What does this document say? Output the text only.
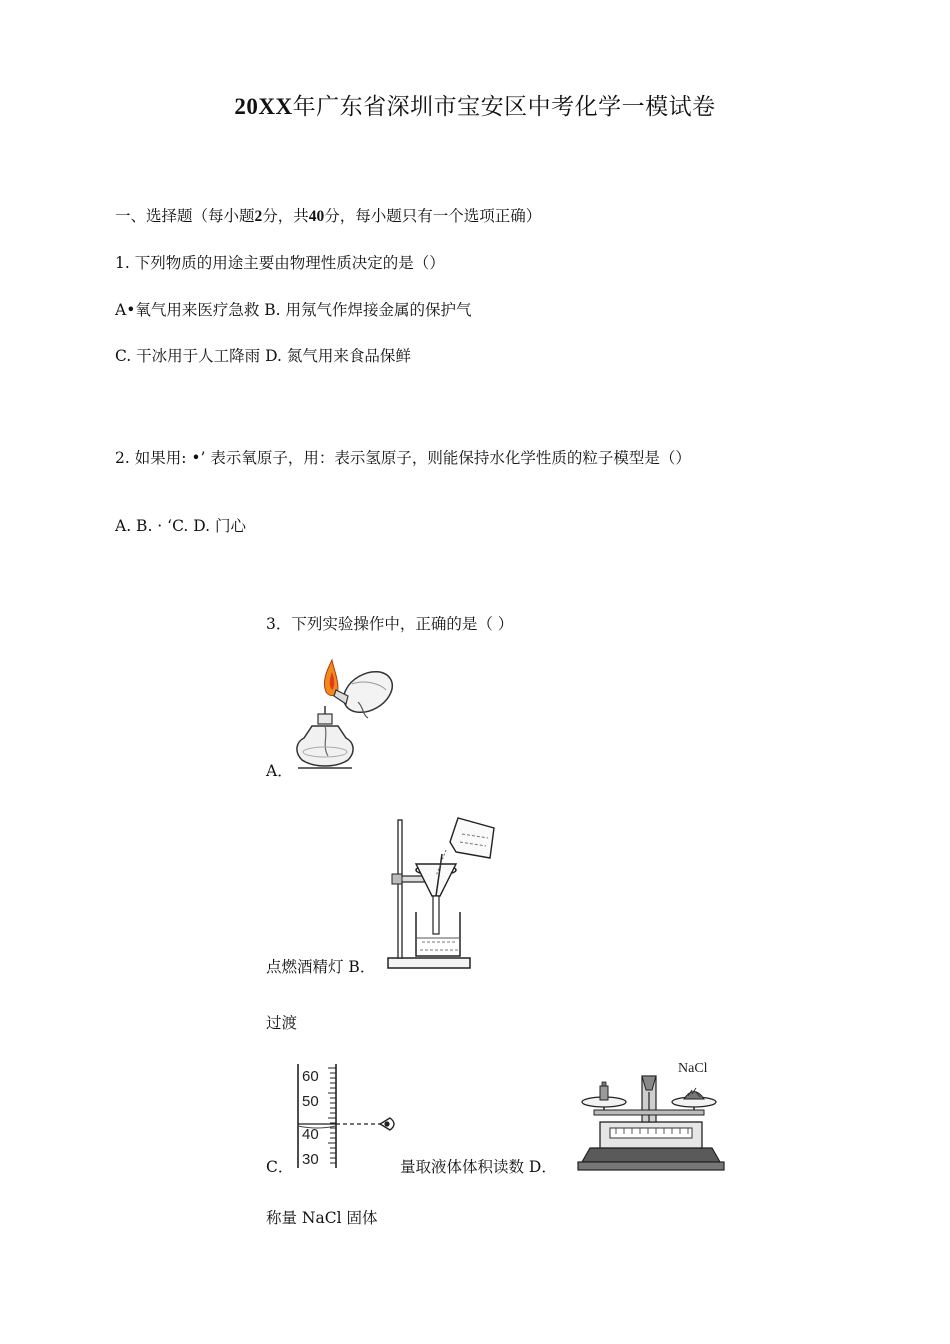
20XX年广东省深圳市宝安区中考化学一模试卷
一、选择题（每小题2分，共40分，每小题只有一个选项正确）
1. 下列物质的用途主要由物理性质决定的是（）
A•氧气用来医疗急救 B. 用氖气作焊接金属的保护气
C. 干冰用于人工降雨 D. 氮气用来食品保鲜
2. 如果用: •’ 表示氧原子，用：表示氢原子，则能保持水化学性质的粒子模型是（）
A. B. · ‘C. D. 门心
3．下列实验操作中，正确的是（ ）
A．
点燃酒精灯 B．
过渡
60
50
40
30
C．	量取液体体积读数 D．
NaCl
称量 NaCl 固体
